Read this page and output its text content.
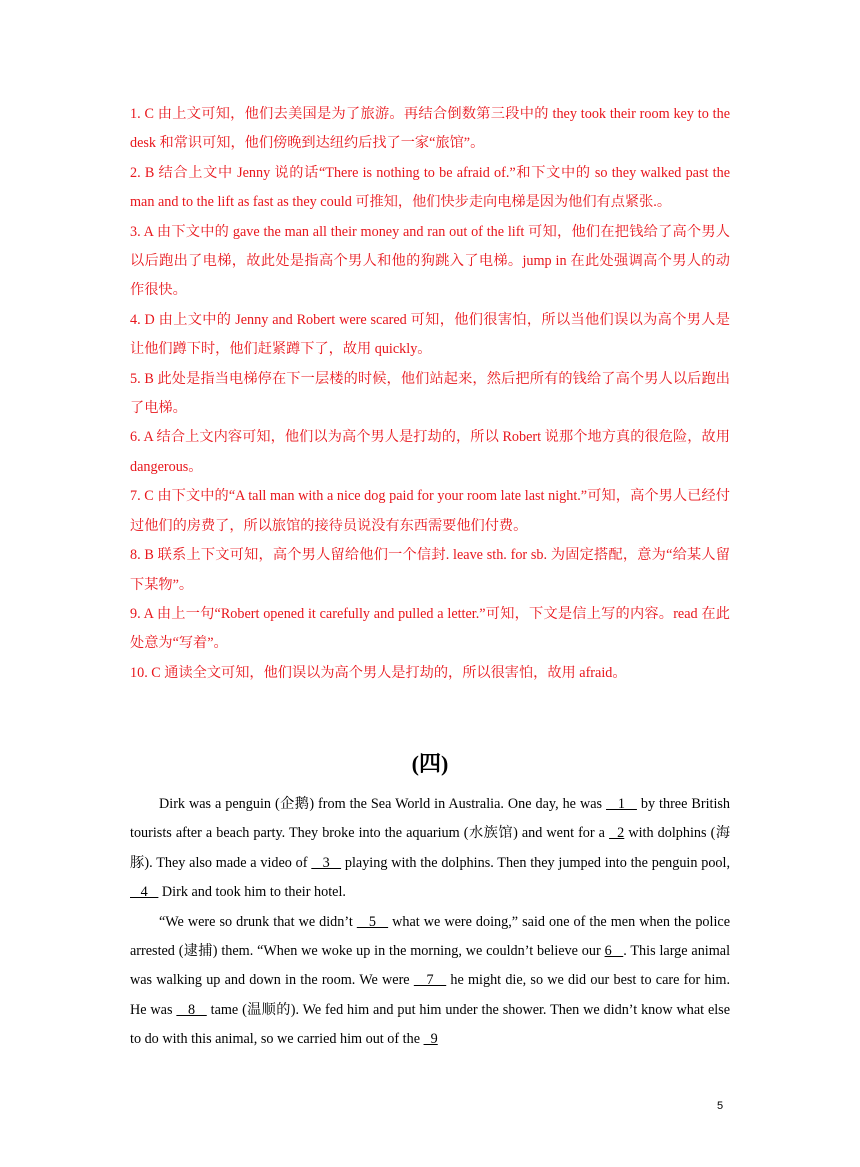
1. C 由上文可知，他们去美国是为了旅游。再结合倒数第三段中的 they took their room key to the desk 和常识可知，他们傍晚到达纽约后找了一家“旅馆”。

2. B 结合上文中 Jenny 说的话“There is nothing to be afraid of.”和下文中的 so they walked past the man and to the lift as fast as they could 可推知，他们快步走向电梯是因为他们有点紧张.。

3. A 由下文中的 gave the man all their money and ran out of the lift 可知，他们在把钱给了高个男人以后跑出了电梯，故此处是指高个男人和他的狗跳入了电梯。jump in 在此处强调高个男人的动作很快。

4. D 由上文中的 Jenny and Robert were scared 可知，他们很害怕，所以当他们误以为高个男人是让他们蹲下时，他们赶紧蹲下了，故用 quickly。

5. B 此处是指当电梯停在下一层楼的时候，他们站起来，然后把所有的钱给了高个男人以后跑出了电梯。

6. A 结合上文内容可知，他们以为高个男人是打劫的，所以 Robert 说那个地方真的很危险，故用 dangerous。

7. C 由下文中的“A tall man with a nice dog paid for your room late last night.”可知，高个男人已经付过他们的房费了，所以旅馆的接待员说没有东西需要他们付费。

8. B 联系上下文可知，高个男人留给他们一个信封. leave sth. for sb. 为固定搭配，意为“给某人留下某物”。

9. A 由上一句“Robert opened it carefully and pulled a letter.”可知，下文是信上写的内容。read 在此处意为“写着”。

10. C 通读全文可知，他们误以为高个男人是打劫的，所以很害怕，故用 afraid。

(四)

Dirk was a penguin (企鹅) from the Sea World in Australia. One day, he was    1    by three British tourists after a beach party. They broke into the aquarium (水族馆) and went for a   2 with dolphins (海豚). They also made a video of    3    playing with the dolphins. Then they jumped into the penguin pool,    4    Dirk and took him to their hotel.

“We were so drunk that we didn’t    5    what we were doing,” said one of the men when the police arrested (逮捕) them. “When we woke up in the morning, we couldn’t believe our 6   . This large animal was walking up and down in the room. We were    7    he might die, so we did our best to care for him. He was    8    tame (温顺的). We fed him and put him under the shower. Then we didn’t know what else to do with this animal, so we carried him out of the   9

5
